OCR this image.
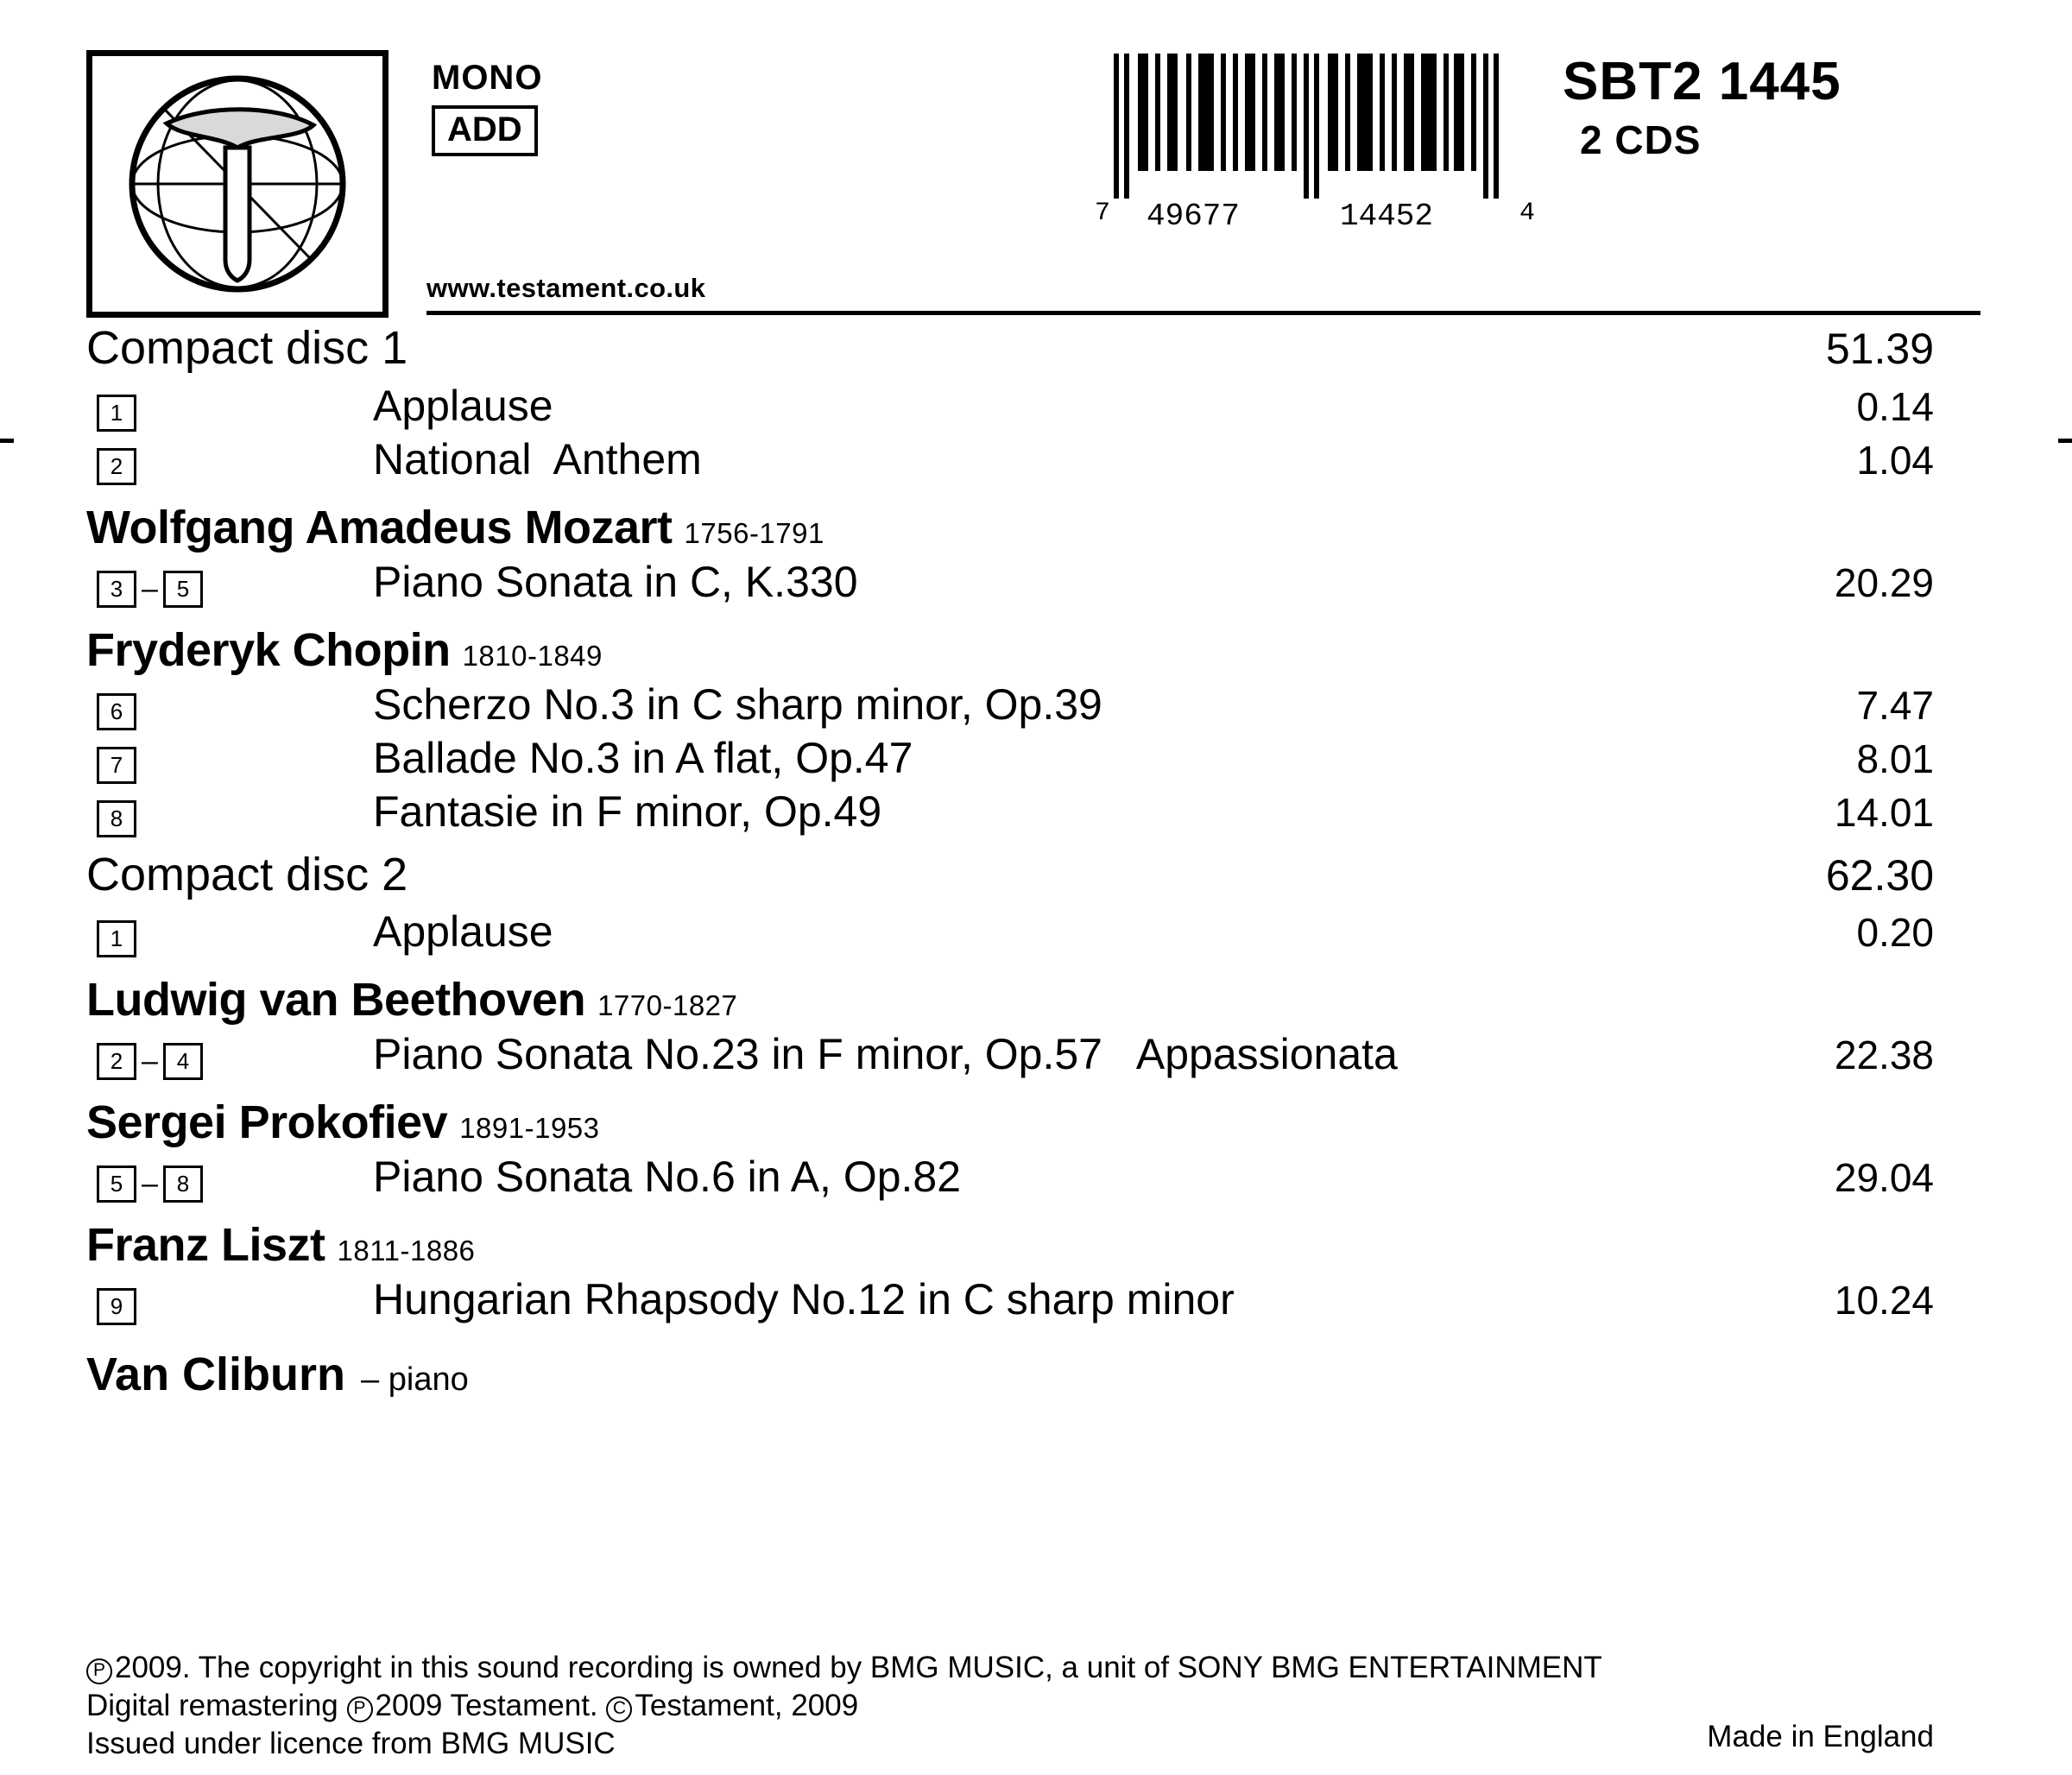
MONO
ADD
www.testament.co.uk
7 49677	14452	4
SBT2 1445
2 CDS
Compact disc 1	51.39
1	Applause	0.14
2	National  Anthem	1.04
Wolfgang Amadeus Mozart 1756-1791
3 – 5	Piano Sonata in C, K.330	20.29
Fryderyk Chopin 1810-1849
6	Scherzo No.3 in C sharp minor, Op.39	7.47
7	Ballade No.3 in A flat, Op.47	8.01
8	Fantasie in F minor, Op.49	14.01
Compact disc 2	62.30
1	Applause	0.20
Ludwig van Beethoven 1770-1827
2 – 4	Piano Sonata No.23 in F minor, Op.57   Appassionata	22.38
Sergei Prokofiev 1891-1953
5 – 8	Piano Sonata No.6 in A, Op.82	29.04
Franz Liszt 1811-1886
9	Hungarian Rhapsody No.12 in C sharp minor	10.24
Van Cliburn – piano
P 2009. The copyright in this sound recording is owned by BMG MUSIC, a unit of SONY BMG ENTERTAINMENT
Digital remastering P 2009 Testament. C Testament, 2009
Issued under licence from BMG MUSIC	Made in England
